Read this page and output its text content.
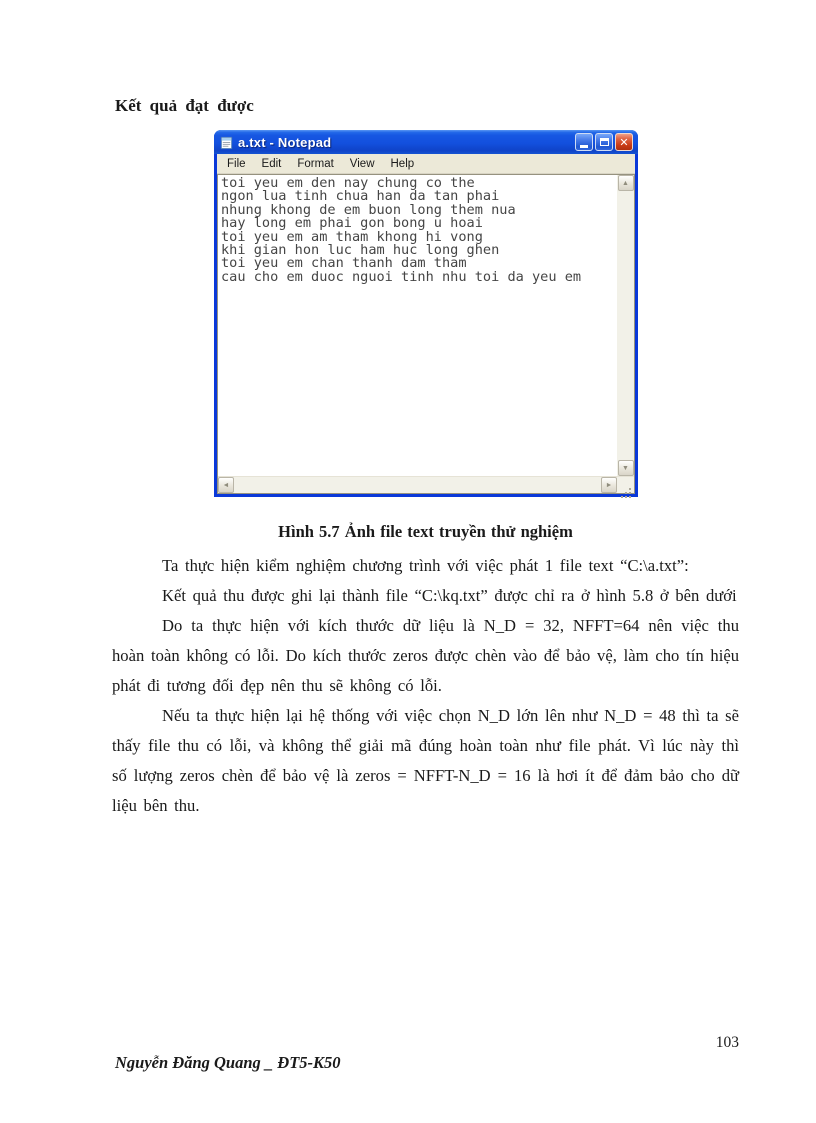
Kết quả đạt được
a.txt - Notepad	✕
File	Edit	Format	View	Help
toi yeu em den nay chung co the
ngon lua tinh chua han da tan phai
nhung khong de em buon long them nua
hay long em phai gon bong u hoai
toi yeu em am tham khong hi vong
khi gian hon luc ham huc long ghen
toi yeu em chan thanh dam tham
cau cho em duoc nguoi tinh nhu toi da yeu em
▲
▼
◄	►
Hình 5.7 Ảnh file text truyền thử nghiệm

Ta thực hiện kiểm nghiệm chương trình với việc phát 1 file text “C:\a.txt”:

Kết quả thu được ghi lại thành file “C:\kq.txt” được chỉ ra ở hình 5.8 ở bên dưới

Do ta thực hiện với kích thước dữ liệu là N_D = 32, NFFT=64 nên việc thu hoàn toàn không có lỗi. Do kích thước zeros được chèn vào để bảo vệ, làm cho tín hiệu phát đi tương đối đẹp nên thu sẽ không có lỗi.

Nếu ta thực hiện lại hệ thống với việc chọn N_D lớn lên như N_D = 48 thì ta sẽ thấy file thu có lỗi, và không thể giải mã đúng hoàn toàn như file phát. Vì lúc này thì số lượng zeros chèn để bảo vệ là zeros = NFFT-N_D = 16 là hơi ít để đảm bảo cho dữ liệu bên thu.

103
Nguyễn Đăng Quang _ ĐT5-K50
